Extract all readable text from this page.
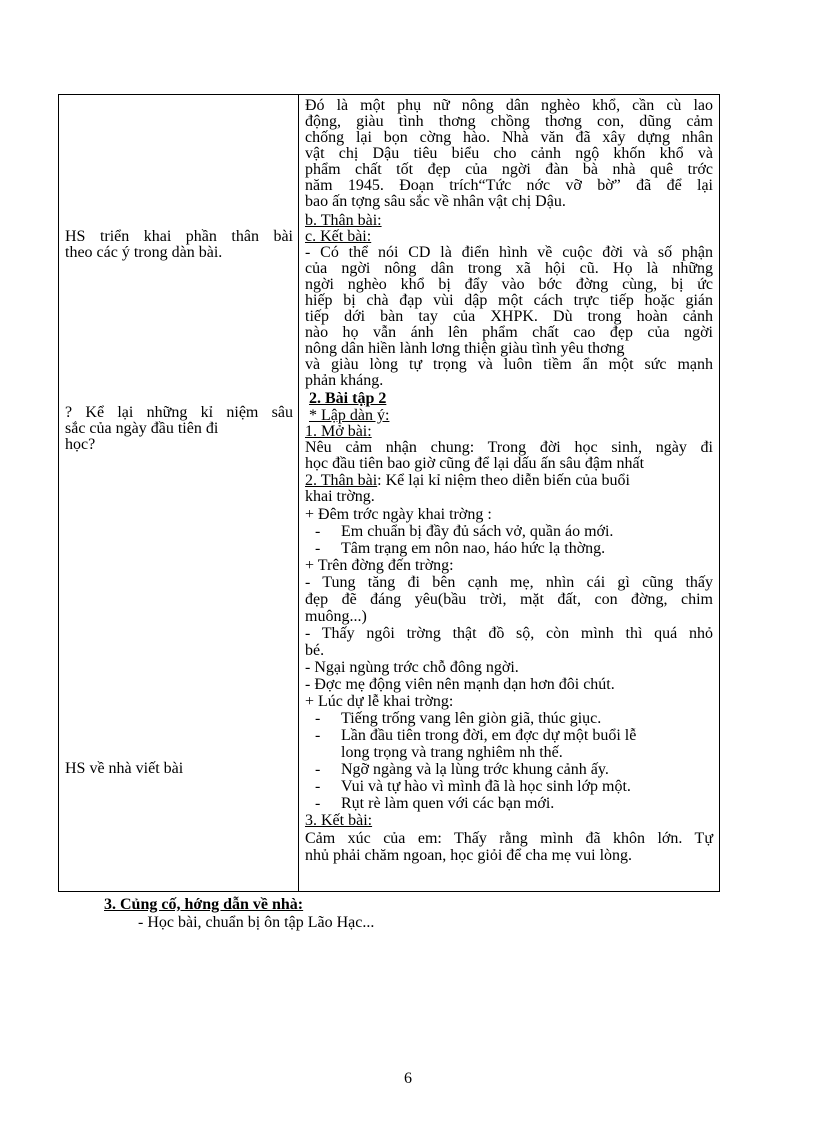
HS triển khai phần thân bài
theo các ý trong dàn bài.
? Kể lại những kỉ niệm sâu
sắc của ngày đầu tiên đi
học?
HS về nhà viết bài
Đó là một phụ nữ nông dân nghèo khổ, cần cù lao
động, giàu tình thơng chồng thơng con, dũng cảm
chống lại bọn cờng hào. Nhà văn đã xây dựng nhân
vật chị Dậu tiêu biểu cho cảnh ngộ khốn khổ và
phẩm chất tốt đẹp của ngời đàn bà nhà quê trớc
năm 1945. Đoạn trích“Tức nớc vỡ bờ” đã để lại
bao ấn tợng sâu sắc về nhân vật chị Dậu.
b. Thân bài:
c. Kết bài:
- Có thể nói CD là điển hình về cuộc đời và số phận
của ngời nông dân trong xã hội cũ. Họ là những
ngời nghèo khổ bị đẩy vào bớc đờng cùng, bị ức
hiếp bị chà đạp vùi dập một cách trực tiếp hoặc gián
tiếp dới bàn tay của XHPK. Dù trong hoàn cảnh
nào họ vẫn ánh lên phẩm chất cao đẹp của ngời
nông dân hiền lành lơng thiện giàu tình yêu thơng
và giàu lòng tự trọng và luôn tiềm ẩn một sức mạnh
phản kháng.
2. Bài tập 2
* Lập dàn ý:
1. Mở bài:
Nêu cảm nhận chung: Trong đời học sinh, ngày đi
học đầu tiên bao giờ cũng để lại dấu ấn sâu đậm nhất
2. Thân bài: Kể lại kỉ niệm theo diễn biến của buổi
khai trờng.
+ Đêm trớc ngày khai trờng :
- Em chuẩn bị đầy đủ sách vở, quần áo mới.
- Tâm trạng em nôn nao, háo hức lạ thờng.
+ Trên đờng đến trờng:
- Tung tăng đi bên cạnh mẹ, nhìn cái gì cũng thấy
đẹp đẽ đáng yêu(bầu trời, mặt đất, con đờng, chim
muông...)
- Thấy ngôi trờng thật đồ sộ, còn mình thì quá nhỏ
bé.
- Ngại ngùng trớc chỗ đông ngời.
- Đợc mẹ động viên nên mạnh dạn hơn đôi chút.
+ Lúc dự lễ khai trờng:
- Tiếng trống vang lên giòn giã, thúc giục.
- Lần đầu tiên trong đời, em đợc dự một buổi lễ
long trọng và trang nghiêm nh thế.
- Ngỡ ngàng và lạ lùng trớc khung cảnh ấy.
- Vui và tự hào vì mình đã là học sinh lớp một.
- Rụt rè làm quen với các bạn mới.
3. Kết bài:
Cảm xúc của em: Thấy rằng mình đã khôn lớn. Tự
nhủ phải chăm ngoan, học giỏi để cha mẹ vui lòng.
3. Củng cố, hớng dẫn về nhà:
- Học bài, chuẩn bị ôn tập Lão Hạc...
6
